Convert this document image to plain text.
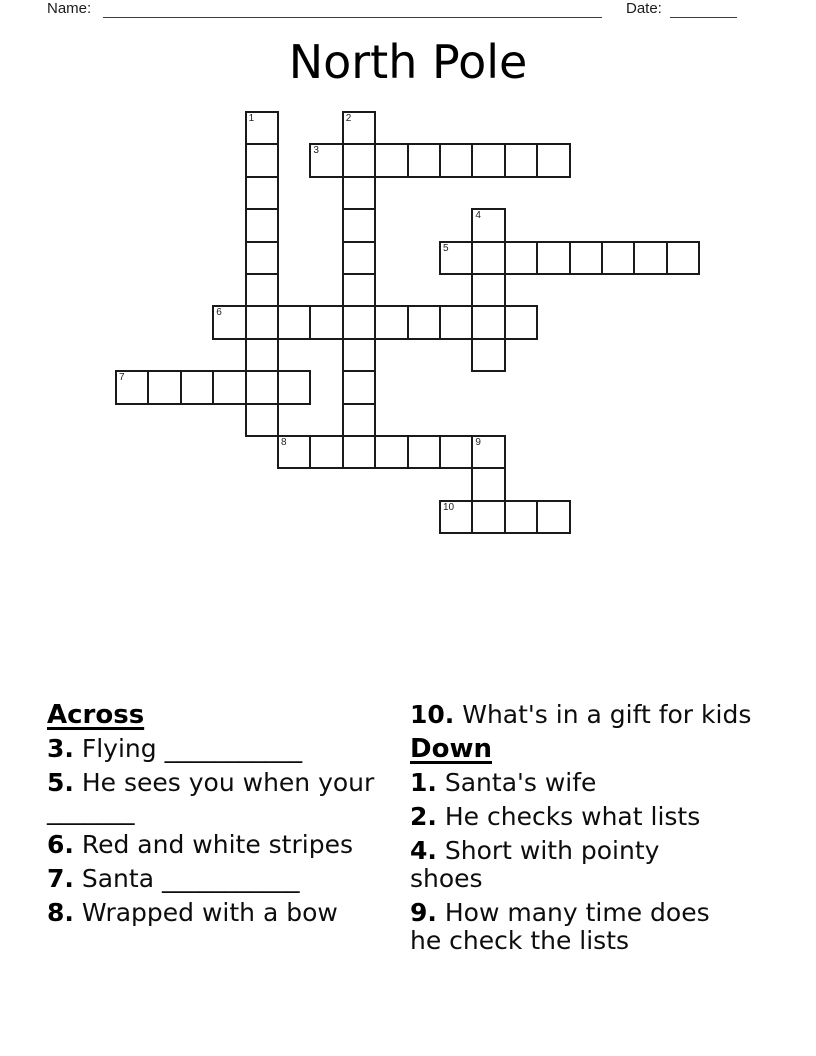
Name:	Date:
North Pole
1	2
3
4
5
6
7
8	9
10
Across
3. Flying ___________
5. He sees you when your
_______
6. Red and white stripes
7. Santa ___________
8. Wrapped with a bow
10. What's in a gift for kids
Down
1. Santa's wife
2. He checks what lists
4. Short with pointy
shoes
9. How many time does
he check the lists
